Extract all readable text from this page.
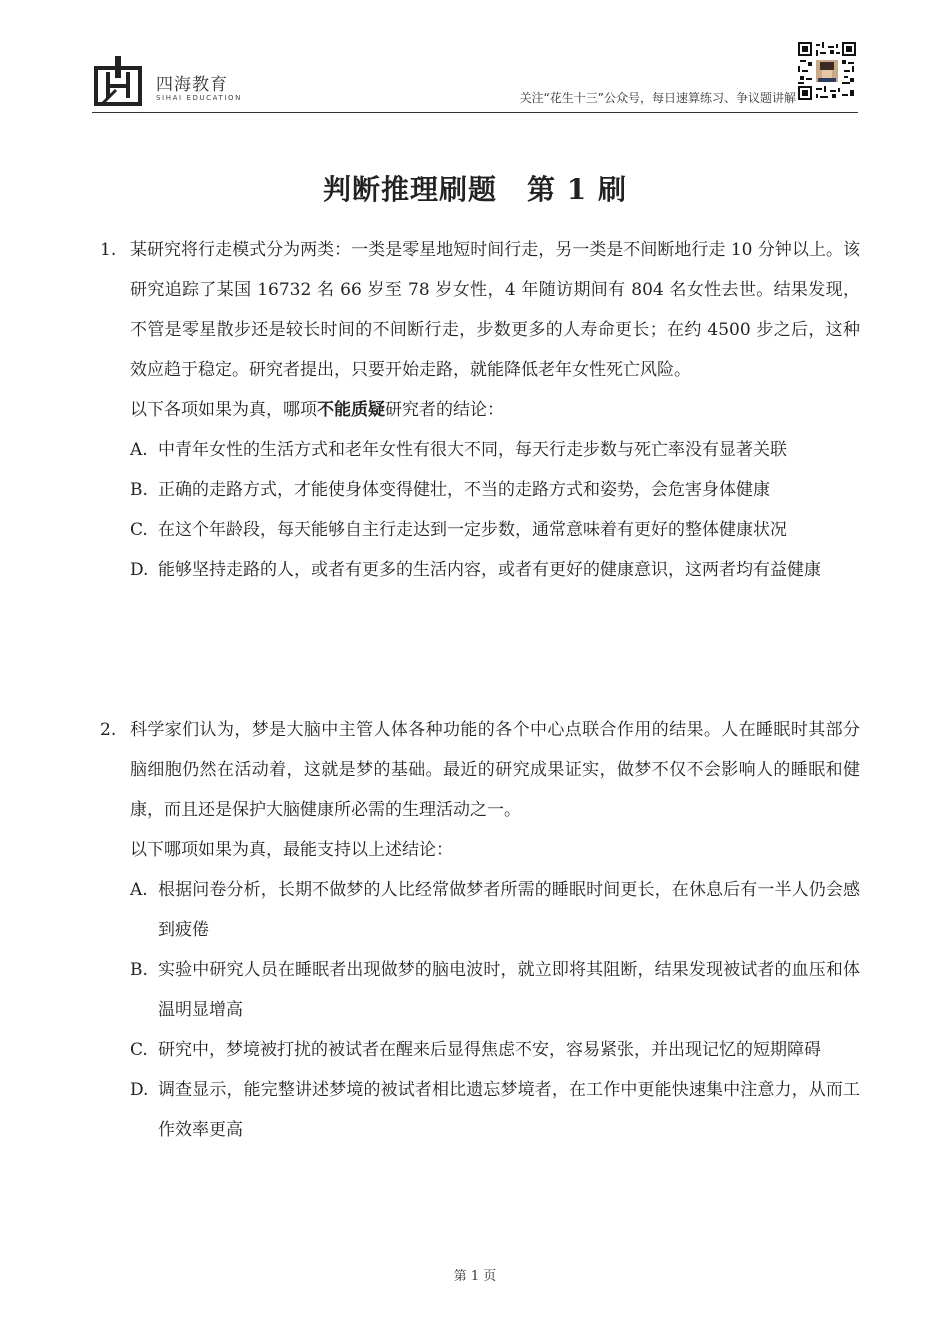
四海教育
SIHAI EDUCATION	关注“花生十三”公众号，每日速算练习、争议题讲解
判断推理刷题 第 1 刷
1. 某研究将行走模式分为两类：一类是零星地短时间行走，另一类是不间断地行走 10 分钟以上。该研究追踪了某国 16732 名 66 岁至 78 岁女性，4 年随访期间有 804 名女性去世。结果发现，不管是零星散步还是较长时间的不间断行走，步数更多的人寿命更长；在约 4500 步之后，这种效应趋于稳定。研究者提出，只要开始走路，就能降低老年女性死亡风险。
以下各项如果为真，哪项不能质疑研究者的结论：
A. 中青年女性的生活方式和老年女性有很大不同，每天行走步数与死亡率没有显著关联
B. 正确的走路方式，才能使身体变得健壮，不当的走路方式和姿势，会危害身体健康
C. 在这个年龄段，每天能够自主行走达到一定步数，通常意味着有更好的整体健康状况
D. 能够坚持走路的人，或者有更多的生活内容，或者有更好的健康意识，这两者均有益健康
2. 科学家们认为，梦是大脑中主管人体各种功能的各个中心点联合作用的结果。人在睡眠时其部分脑细胞仍然在活动着，这就是梦的基础。最近的研究成果证实，做梦不仅不会影响人的睡眠和健康，而且还是保护大脑健康所必需的生理活动之一。
以下哪项如果为真，最能支持以上述结论：
A. 根据问卷分析，长期不做梦的人比经常做梦者所需的睡眠时间更长，在休息后有一半人仍会感到疲倦
B. 实验中研究人员在睡眠者出现做梦的脑电波时，就立即将其阻断，结果发现被试者的血压和体温明显增高
C. 研究中，梦境被打扰的被试者在醒来后显得焦虑不安，容易紧张，并出现记忆的短期障碍
D. 调查显示，能完整讲述梦境的被试者相比遗忘梦境者，在工作中更能快速集中注意力，从而工作效率更高
第 1 页
